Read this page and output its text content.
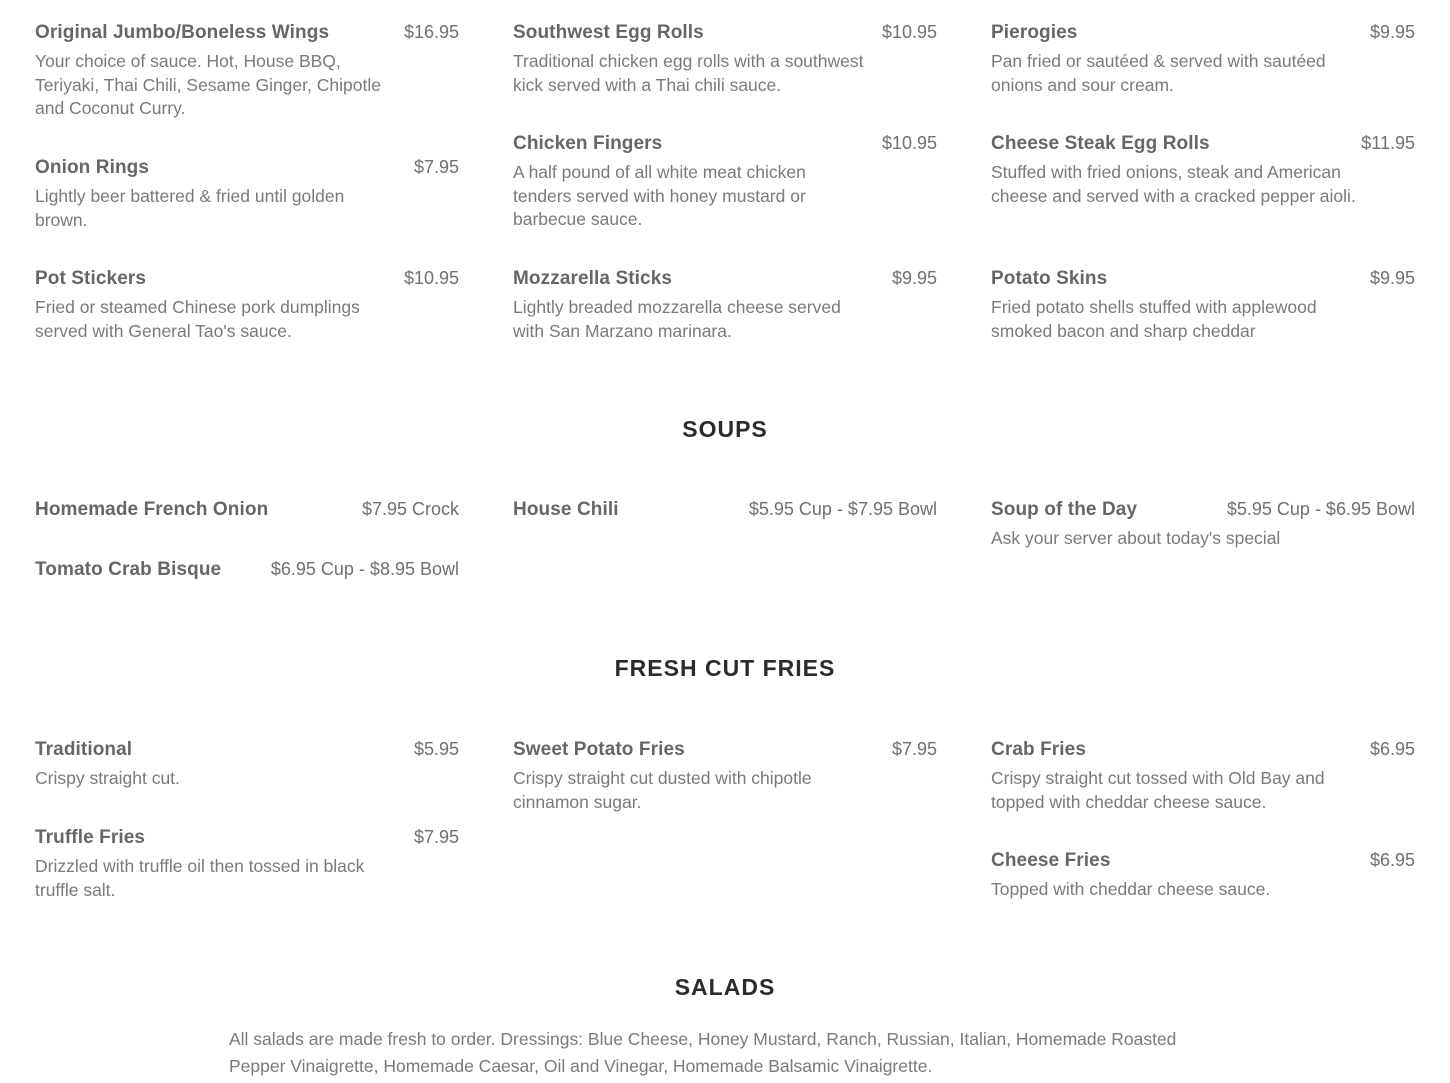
Original Jumbo/Boneless Wings	$16.95
Your choice of sauce. Hot, House BBQ, Teriyaki, Thai Chili, Sesame Ginger, Chipotle and Coconut Curry.
Onion Rings	$7.95
Lightly beer battered & fried until golden brown.
Pot Stickers	$10.95
Fried or steamed Chinese pork dumplings served with General Tao's sauce.
Southwest Egg Rolls	$10.95
Traditional chicken egg rolls with a southwest kick served with a Thai chili sauce.
Chicken Fingers	$10.95
A half pound of all white meat chicken tenders served with honey mustard or barbecue sauce.
Mozzarella Sticks	$9.95
Lightly breaded mozzarella cheese served with San Marzano marinara.
Pierogies	$9.95
Pan fried or sautéed & served with sautéed onions and sour cream.
Cheese Steak Egg Rolls	$11.95
Stuffed with fried onions, steak and American cheese and served with a cracked pepper aioli.
Potato Skins	$9.95
Fried potato shells stuffed with applewood smoked bacon and sharp cheddar
SOUPS
Homemade French Onion	$7.95 Crock
Tomato Crab Bisque	$6.95 Cup - $8.95 Bowl
House Chili	$5.95 Cup - $7.95 Bowl	Soup of the Day	$5.95 Cup - $6.95 Bowl
Ask your server about today's special
FRESH CUT FRIES
Traditional	$5.95
Crispy straight cut.
Truffle Fries	$7.95
Drizzled with truffle oil then tossed in black truffle salt.
Sweet Potato Fries	$7.95
Crispy straight cut dusted with chipotle cinnamon sugar.
Crab Fries	$6.95
Crispy straight cut tossed with Old Bay and topped with cheddar cheese sauce.
Cheese Fries	$6.95
Topped with cheddar cheese sauce.
SALADS
All salads are made fresh to order. Dressings: Blue Cheese, Honey Mustard, Ranch, Russian, Italian, Homemade Roasted Pepper Vinaigrette, Homemade Caesar, Oil and Vinegar, Homemade Balsamic Vinaigrette.
